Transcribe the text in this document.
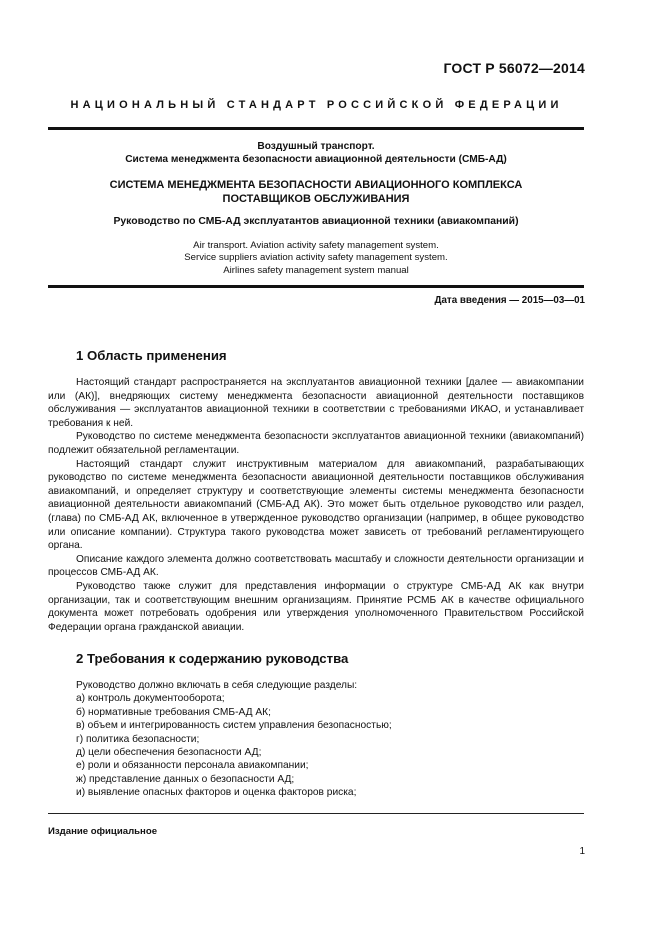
ГОСТ Р 56072—2014
НАЦИОНАЛЬНЫЙ СТАНДАРТ РОССИЙСКОЙ ФЕДЕРАЦИИ
Воздушный транспорт.
Система менеджмента безопасности авиационной деятельности (СМБ-АД)
СИСТЕМА МЕНЕДЖМЕНТА БЕЗОПАСНОСТИ АВИАЦИОННОГО КОМПЛЕКСА
ПОСТАВЩИКОВ ОБСЛУЖИВАНИЯ
Руководство по СМБ-АД эксплуатантов авиационной техники (авиакомпаний)
Air transport. Aviation activity safety management system.
Service suppliers aviation activity safety management system.
Airlines safety management system manual
Дата введения — 2015—03—01
1 Область применения

Настоящий стандарт распространяется на эксплуатантов авиационной техники [далее — авиакомпании или (АК)], внедряющих систему менеджмента безопасности авиационной деятельности поставщиков обслуживания — эксплуатантов авиационной техники в соответствии с требованиями ИКАО, и устанавливает требования к ней.

Руководство по системе менеджмента безопасности эксплуатантов авиационной техники (авиакомпаний) подлежит обязательной регламентации.

Настоящий стандарт служит инструктивным материалом для авиакомпаний, разрабатывающих руководство по системе менеджмента безопасности авиационной деятельности поставщиков обслуживания авиакомпаний, и определяет структуру и соответствующие элементы системы менеджмента безопасности авиационной деятельности авиакомпаний (СМБ-АД АК). Это может быть отдельное руководство или раздел, (глава) по СМБ-АД АК, включенное в утвержденное руководство организации (например, в общее руководство или описание компании). Структура такого руководства может зависеть от требований регламентирующего органа.

Описание каждого элемента должно соответствовать масштабу и сложности деятельности организации и процессов СМБ-АД АК.

Руководство также служит для представления информации о структуре СМБ-АД АК как внутри организации, так и соответствующим внешним организациям. Принятие РСМБ АК в качестве официального документа может потребовать одобрения или утверждения уполномоченного Правительством Российской Федерации органа гражданской авиации.

2 Требования к содержанию руководства
Руководство должно включать в себя следующие разделы:
а) контроль документооборота;
б) нормативные требования СМБ-АД АК;
в) объем и интегрированность систем управления безопасностью;
г) политика безопасности;
д) цели обеспечения безопасности АД;
е) роли и обязанности персонала авиакомпании;
ж) представление данных о безопасности АД;
и) выявление опасных факторов и оценка факторов риска;
Издание официальное
1
